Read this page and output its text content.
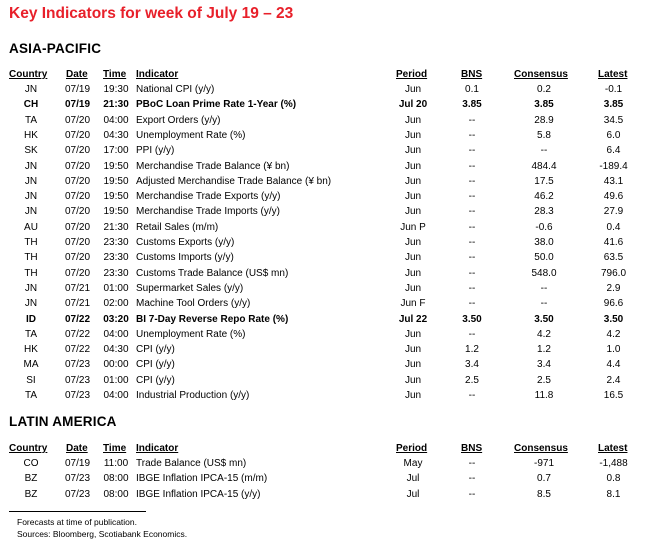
Key Indicators for week of July 19 – 23
ASIA-PACIFIC
Country Date Time Indicator	Period	BNS	Consensus	Latest
JN	07/19	19:30 National CPI (y/y)	Jun	0.1	0.2	-0.1
CH	07/19	21:30 PBoC Loan Prime Rate 1-Year (%)	Jul 20	3.85	3.85	3.85
TA	07/20	04:00 Export Orders (y/y)	Jun	--	28.9	34.5
HK	07/20	04:30 Unemployment Rate (%)	Jun	--	5.8	6.0
SK	07/20	17:00 PPI (y/y)	Jun	--	--	6.4
JN	07/20	19:50 Merchandise Trade Balance (¥ bn)	Jun	--	484.4	-189.4
JN	07/20	19:50 Adjusted Merchandise Trade Balance (¥ bn)	Jun	--	17.5	43.1
JN	07/20	19:50 Merchandise Trade Exports (y/y)	Jun	--	46.2	49.6
JN	07/20	19:50 Merchandise Trade Imports (y/y)	Jun	--	28.3	27.9
AU	07/20	21:30 Retail Sales (m/m)	Jun P	--	-0.6	0.4
TH	07/20	23:30 Customs Exports (y/y)	Jun	--	38.0	41.6
TH	07/20	23:30 Customs Imports (y/y)	Jun	--	50.0	63.5
TH	07/20	23:30 Customs Trade Balance (US$ mn)	Jun	--	548.0	796.0
JN	07/21	01:00 Supermarket Sales (y/y)	Jun	--	--	2.9
JN	07/21	02:00 Machine Tool Orders (y/y)	Jun F	--	--	96.6
ID	07/22	03:20 BI 7-Day Reverse Repo Rate (%)	Jul 22	3.50	3.50	3.50
TA	07/22	04:00 Unemployment Rate (%)	Jun	--	4.2	4.2
HK	07/22	04:30 CPI (y/y)	Jun	1.2	1.2	1.0
MA	07/23	00:00 CPI (y/y)	Jun	3.4	3.4	4.4
SI	07/23	01:00 CPI (y/y)	Jun	2.5	2.5	2.4
TA	07/23	04:00 Industrial Production (y/y)	Jun	--	11.8	16.5
LATIN AMERICA
Country Date Time Indicator	Period	BNS	Consensus	Latest
CO	07/19	11:00 Trade Balance (US$ mn)	May	--	-971	-1,488
BZ	07/23	08:00 IBGE Inflation IPCA-15 (m/m)	Jul	--	0.7	0.8
BZ	07/23	08:00 IBGE Inflation IPCA-15 (y/y)	Jul	--	8.5	8.1
Forecasts at time of publication.
Sources: Bloomberg, Scotiabank Economics.
